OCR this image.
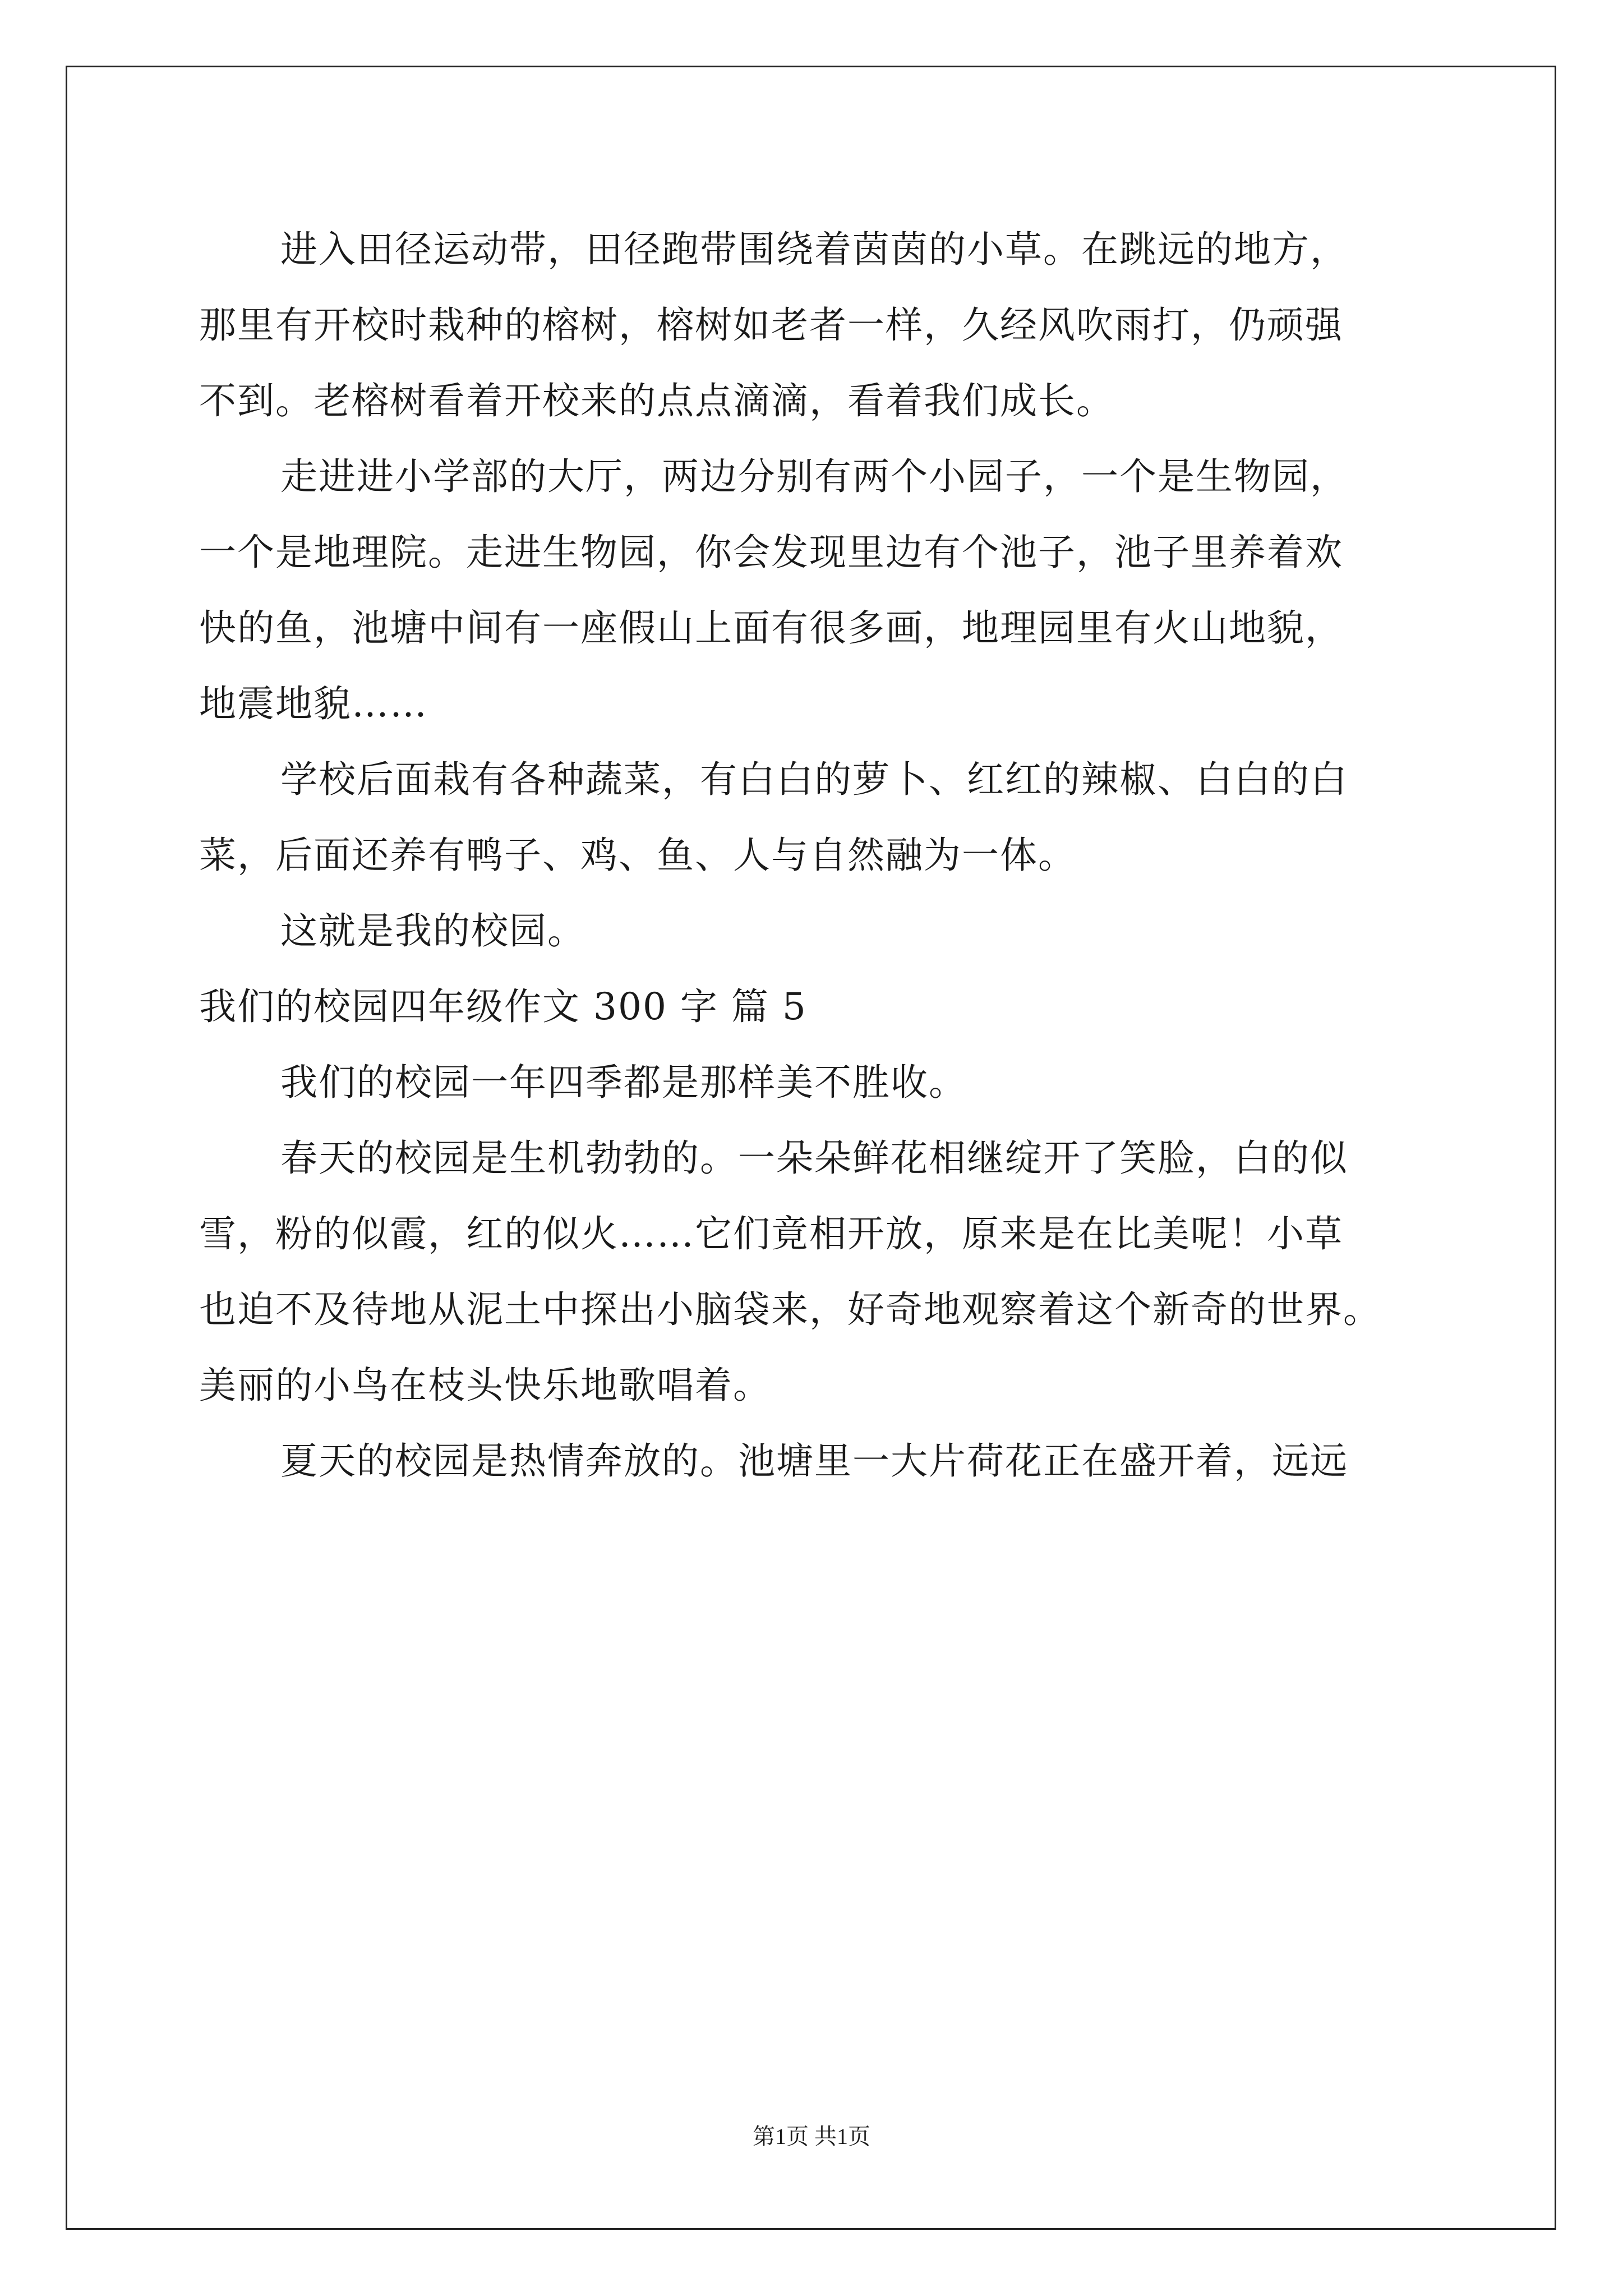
进入田径运动带，田径跑带围绕着茵茵的小草。在跳远的地方，
那里有开校时栽种的榕树，榕树如老者一样，久经风吹雨打，仍顽强
不到。老榕树看着开校来的点点滴滴，看着我们成长。
走进进小学部的大厅，两边分别有两个小园子，一个是生物园，
一个是地理院。走进生物园，你会发现里边有个池子，池子里养着欢
快的鱼，池塘中间有一座假山上面有很多画，地理园里有火山地貌，
地震地貌……
学校后面栽有各种蔬菜，有白白的萝卜、红红的辣椒、白白的白
菜，后面还养有鸭子、鸡、鱼、人与自然融为一体。
这就是我的校园。
我们的校园四年级作文 300 字 篇 5
我们的校园一年四季都是那样美不胜收。
春天的校园是生机勃勃的。一朵朵鲜花相继绽开了笑脸，白的似
雪，粉的似霞，红的似火……它们竟相开放，原来是在比美呢！小草
也迫不及待地从泥土中探出小脑袋来，好奇地观察着这个新奇的世界。
美丽的小鸟在枝头快乐地歌唱着。
夏天的校园是热情奔放的。池塘里一大片荷花正在盛开着，远远
第1页 共1页
